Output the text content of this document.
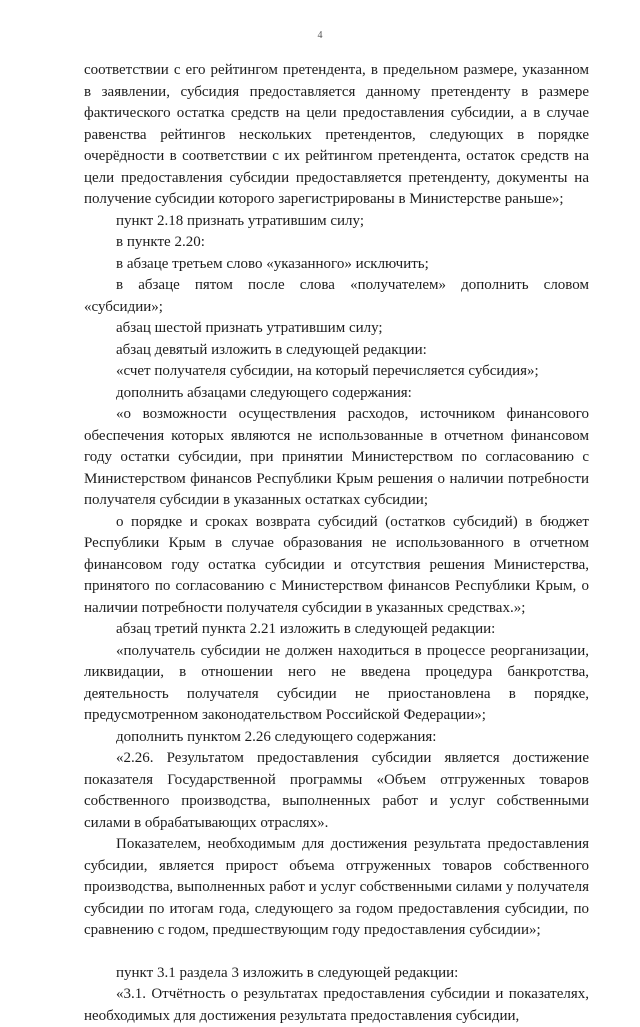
4

соответствии с его рейтингом претендента, в предельном размере, указанном в заявлении, субсидия предоставляется данному претенденту в размере фактического остатка средств на цели предоставления субсидии, а в случае равенства рейтингов нескольких претендентов, следующих в порядке очерёдности в соответствии с их рейтингом претендента, остаток средств на цели предоставления субсидии предоставляется претенденту, документы на получение субсидии которого зарегистрированы в Министерстве раньше»;

пункт 2.18 признать утратившим силу;

в пункте 2.20:

в абзаце третьем слово «указанного» исключить;

в абзаце пятом после слова «получателем» дополнить словом «субсидии»;

абзац шестой признать утратившим силу;

абзац девятый изложить в следующей редакции:

«счет получателя субсидии, на который перечисляется субсидия»;

дополнить абзацами следующего содержания:

«о возможности осуществления расходов, источником финансового обеспечения которых являются не использованные в отчетном финансовом году остатки субсидии, при принятии Министерством по согласованию с Министерством финансов Республики Крым решения о наличии потребности получателя субсидии в указанных остатках субсидии;

о порядке и сроках возврата субсидий (остатков субсидий) в бюджет Республики Крым в случае образования не использованного в отчетном финансовом году остатка субсидии и отсутствия решения Министерства, принятого по согласованию с Министерством финансов Республики Крым, о наличии потребности получателя субсидии в указанных средствах.»;

абзац третий пункта 2.21 изложить в следующей редакции:

«получатель субсидии не должен находиться в процессе реорганизации, ликвидации, в отношении него не введена процедура банкротства, деятельность получателя субсидии не приостановлена в порядке, предусмотренном законодательством Российской Федерации»;

дополнить пунктом 2.26 следующего содержания:

«2.26. Результатом предоставления субсидии является достижение показателя Государственной программы «Объем отгруженных товаров собственного производства, выполненных работ и услуг собственными силами в обрабатывающих отраслях».

Показателем, необходимым для достижения результата предоставления субсидии, является прирост объема отгруженных товаров собственного производства, выполненных работ и услуг собственными силами у получателя субсидии по итогам года, следующего за годом предоставления субсидии, по сравнению с годом, предшествующим году предоставления субсидии»;

пункт 3.1 раздела 3 изложить в следующей редакции:

«3.1. Отчётность о результатах предоставления субсидии и показателях, необходимых для достижения результата предоставления субсидии,
